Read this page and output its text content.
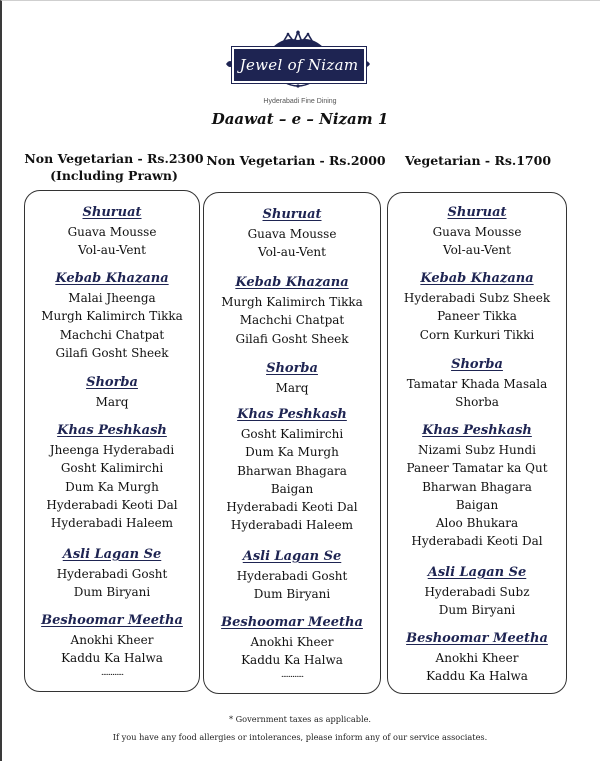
Jewel of Nizam
Hyderabadi Fine Dining
Daawat – e – Nizam 1
Non Vegetarian - Rs.2300
(Including Prawn)
Non Vegetarian - Rs.2000	Vegetarian - Rs.1700
Shuruat
Guava Mousse
Vol-au-Vent
Kebab Khazana
Malai Jheenga
Murgh Kalimirch Tikka
Machchi Chatpat
Gilafi Gosht Sheek
Shorba
Marq
Khas Peshkash
Jheenga Hyderabadi
Gosht Kalimirchi
Dum Ka Murgh
Hyderabadi Keoti Dal
Hyderabadi Haleem
Asli Lagan Se
Hyderabadi Gosht
Dum Biryani
Beshoomar Meetha
Anokhi Kheer
Kaddu Ka Halwa
............
Shuruat
Guava Mousse
Vol-au-Vent
Kebab Khazana
Murgh Kalimirch Tikka
Machchi Chatpat
Gilafi Gosht Sheek
Shorba
Marq
Khas Peshkash
Gosht Kalimirchi
Dum Ka Murgh
Bharwan Bhagara
Baigan
Hyderabadi Keoti Dal
Hyderabadi Haleem
Asli Lagan Se
Hyderabadi Gosht
Dum Biryani
Beshoomar Meetha
Anokhi Kheer
Kaddu Ka Halwa
............
Shuruat
Guava Mousse
Vol-au-Vent
Kebab Khazana
Hyderabadi Subz Sheek
Paneer Tikka
Corn Kurkuri Tikki
Shorba
Tamatar Khada Masala
Shorba
Khas Peshkash
Nizami Subz Hundi
Paneer Tamatar ka Qut
Bharwan Bhagara
Baigan
Aloo Bhukara
Hyderabadi Keoti Dal
Asli Lagan Se
Hyderabadi Subz
Dum Biryani
Beshoomar Meetha
Anokhi Kheer
Kaddu Ka Halwa
* Government taxes as applicable.
If you have any food allergies or intolerances, please inform any of our service associates.
